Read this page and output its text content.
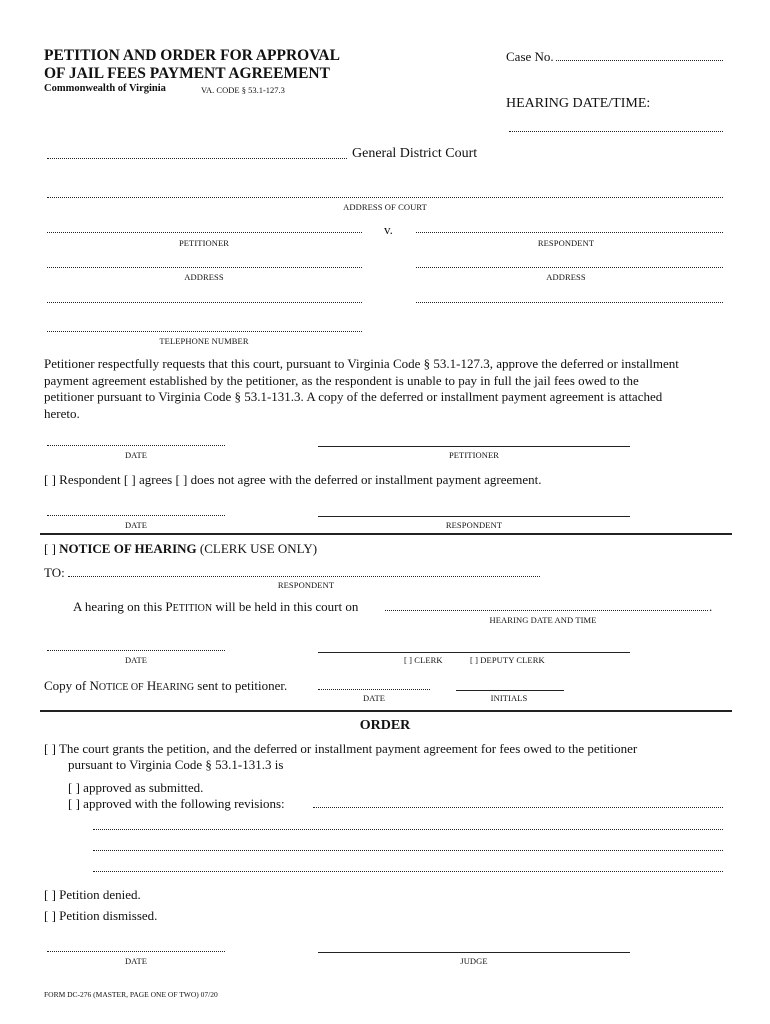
PETITION AND ORDER FOR APPROVAL
OF JAIL FEES PAYMENT AGREEMENT
Commonwealth of Virginia	VA. CODE § 53.1-127.3
Case No.
HEARING DATE/TIME:
General District Court
ADDRESS OF COURT
v.
PETITIONER	RESPONDENT
ADDRESS	ADDRESS
TELEPHONE NUMBER
Petitioner respectfully requests that this court, pursuant to Virginia Code § 53.1-127.3, approve the deferred or installment
payment agreement established by the petitioner, as the respondent is unable to pay in full the jail fees owed to the
petitioner pursuant to Virginia Code § 53.1-131.3. A copy of the deferred or installment payment agreement is attached
hereto.
DATE	PETITIONER
[ ] Respondent [ ] agrees [ ] does not agree with the deferred or installment payment agreement.
DATE	RESPONDENT
[ ] NOTICE OF HEARING (CLERK USE ONLY)
TO:
RESPONDENT
A hearing on this PETITION will be held in this court on	.
HEARING DATE AND TIME
DATE	[ ] CLERK	[ ] DEPUTY CLERK
Copy of NOTICE OF HEARING sent to petitioner.
DATE	INITIALS
ORDER
[ ] The court grants the petition, and the deferred or installment payment agreement for fees owed to the petitioner
pursuant to Virginia Code § 53.1-131.3 is
[ ] approved as submitted.
[ ] approved with the following revisions:
[ ] Petition denied.
[ ] Petition dismissed.
DATE	JUDGE
FORM DC-276 (MASTER, PAGE ONE OF TWO) 07/20
